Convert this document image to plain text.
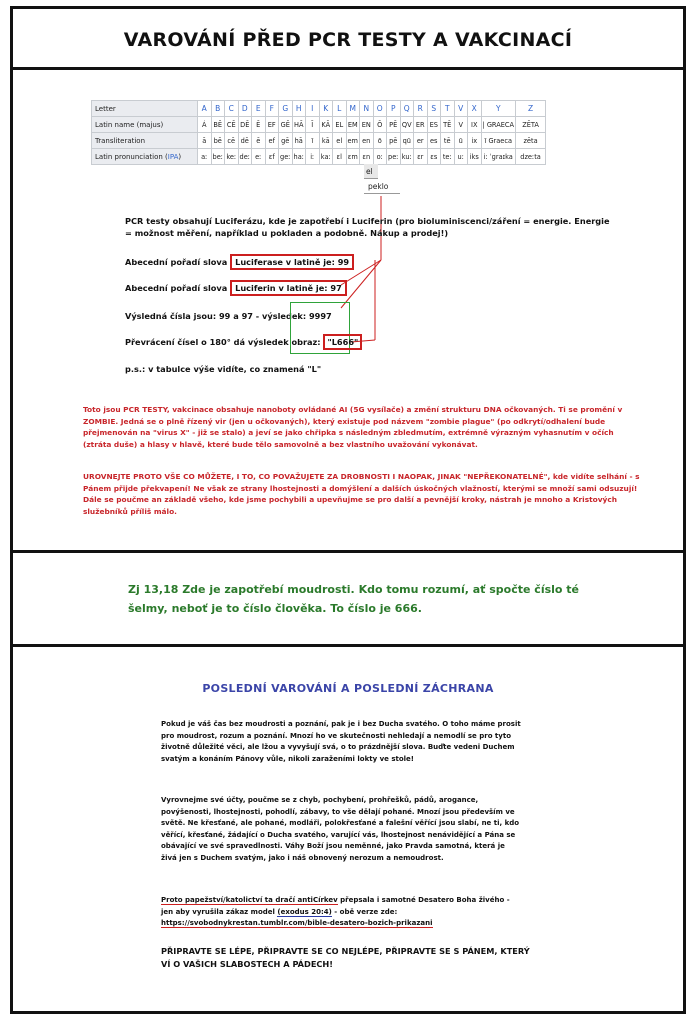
VAROVÁNÍ PŘED PCR TESTY A VAKCINACÍ
Letter	A	B	C	D	E	F	G	H	I	K	L	M	N	O	P	Q	R	S	T	V	X	Y	Z
Latin name (majus)	Á	BĒ	CĒ	DĒ	Ē	EF	GĒ	HĀ	Ī	KĀ	EL	EM	EN	Ō	PĒ	QV	ER	ES	TĒ	V	IX	| GRAECA	ZĒTA
Transliteration	ā	bē	cē	dē	ē	ef	gē	hā	ī	kā	el	em	en	ō	pē	qū	er	es	tē	ū	ix	ī Graeca	zēta
Latin pronunciation (IPA)	aː	beː	keː	deː	eː	ɛf	geː	haː	iː	kaː	ɛl	ɛm	ɛn	oː	peː	kuː	ɛr	ɛs	teː	uː	iks	iː ˈɡraɪka	dzeːta
el
peklo
PCR testy obsahují Luciferázu, kde je zapotřebí i Luciferin (pro bioluminiscenci/záření = energie. Energie = možnost měření, například u pokladen a podobně. Nákup a prodej!)
Abecední pořadí slova Luciferase v latině je: 99
Abecední pořadí slova Luciferin v latině je: 97
Výsledná čísla jsou: 99 a 97 - výsledek: 9997
Převrácení čísel o 180° dá výsledek obraz: "L666"
p.s.: v tabulce výše vidíte, co znamená "L"
Toto jsou PCR TESTY, vakcinace obsahuje nanoboty ovládané AI (5G vysílače) a změní strukturu DNA očkovaných. Ti se promění v ZOMBIE. Jedná se o plně řízený vir (jen u očkovaných), který existuje pod názvem "zombie plague" (po odkrytí/odhalení bude přejmenován na "virus X" - již se stalo) a jeví se jako chřipka s následným zbledmutím, extrémně výrazným vyhasnutím v očích (ztráta duše) a hlasy v hlavě, které bude tělo samovolně a bez vlastního uvažování vykonávat.
UROVNEJTE PROTO VŠE CO MŮŽETE, I TO, CO POVAŽUJETE ZA DROBNOSTI I NAOPAK, JINAK "NEPŘEKONATELNÉ", kde vidíte selhání - s Pánem přijde překvapení! Ne však ze strany lhostejnosti a domýšlení a dalších úskočných vlažností, kterými se množí sami odsuzují! Dále se poučme an základě všeho, kde jsme pochybili a upevňujme se pro další a pevnější kroky, nástrah je mnoho a Kristových služebníků příliš málo.
Zj 13,18 Zde je zapotřebí moudrosti. Kdo tomu rozumí, ať spočte číslo té šelmy, neboť je to číslo člověka. To číslo je 666.
POSLEDNÍ VAROVÁNÍ A POSLEDNÍ ZÁCHRANA
Pokud je váš čas bez moudrosti a poznání, pak je i bez Ducha svatého. O toho máme prosit pro moudrost, rozum a poznání. Mnozí ho ve skutečnosti nehledají a nemodlí se pro tyto životně důležité věci, ale lžou a vyvyšují svá, o to prázdnější slova. Buďte vedeni Duchem svatým a konáním Pánovy vůle, nikoli zaraženími lokty ve stole!
Vyrovnejme své účty, poučme se z chyb, pochybení, prohřešků, pádů, arogance, povýšenosti, lhostejnosti, pohodlí, zábavy, to vše dělají pohané. Mnozí jsou především ve světě. Ne křesťané, ale pohané, modláři, polokřesťané a falešní věřící jsou slabí, ne ti, kdo věřící, křesťané, žádající o Ducha svatého, varující vás, lhostejnost nenávidějící a Pána se obávající ve své spravedlnosti. Váhy Boží jsou neměnné, jako Pravda samotná, která je živá jen s Duchem svatým, jako i náš obnovený nerozum a nemoudrost.
Proto papežství/katolictví ta dračí antiCírkev přepsala i samotné Desatero Boha živého - jen aby vyrušila zákaz model (exodus 20:4) - obě verze zde:
https://svobodnykrestan.tumblr.com/bible-desatero-bozich-prikazani
PŘIPRAVTE SE LÉPE, PŘIPRAVTE SE CO NEJLÉPE, PŘIPRAVTE SE S PÁNEM, KTERÝ VÍ O VAŠICH SLABOSTECH A PÁDECH!
